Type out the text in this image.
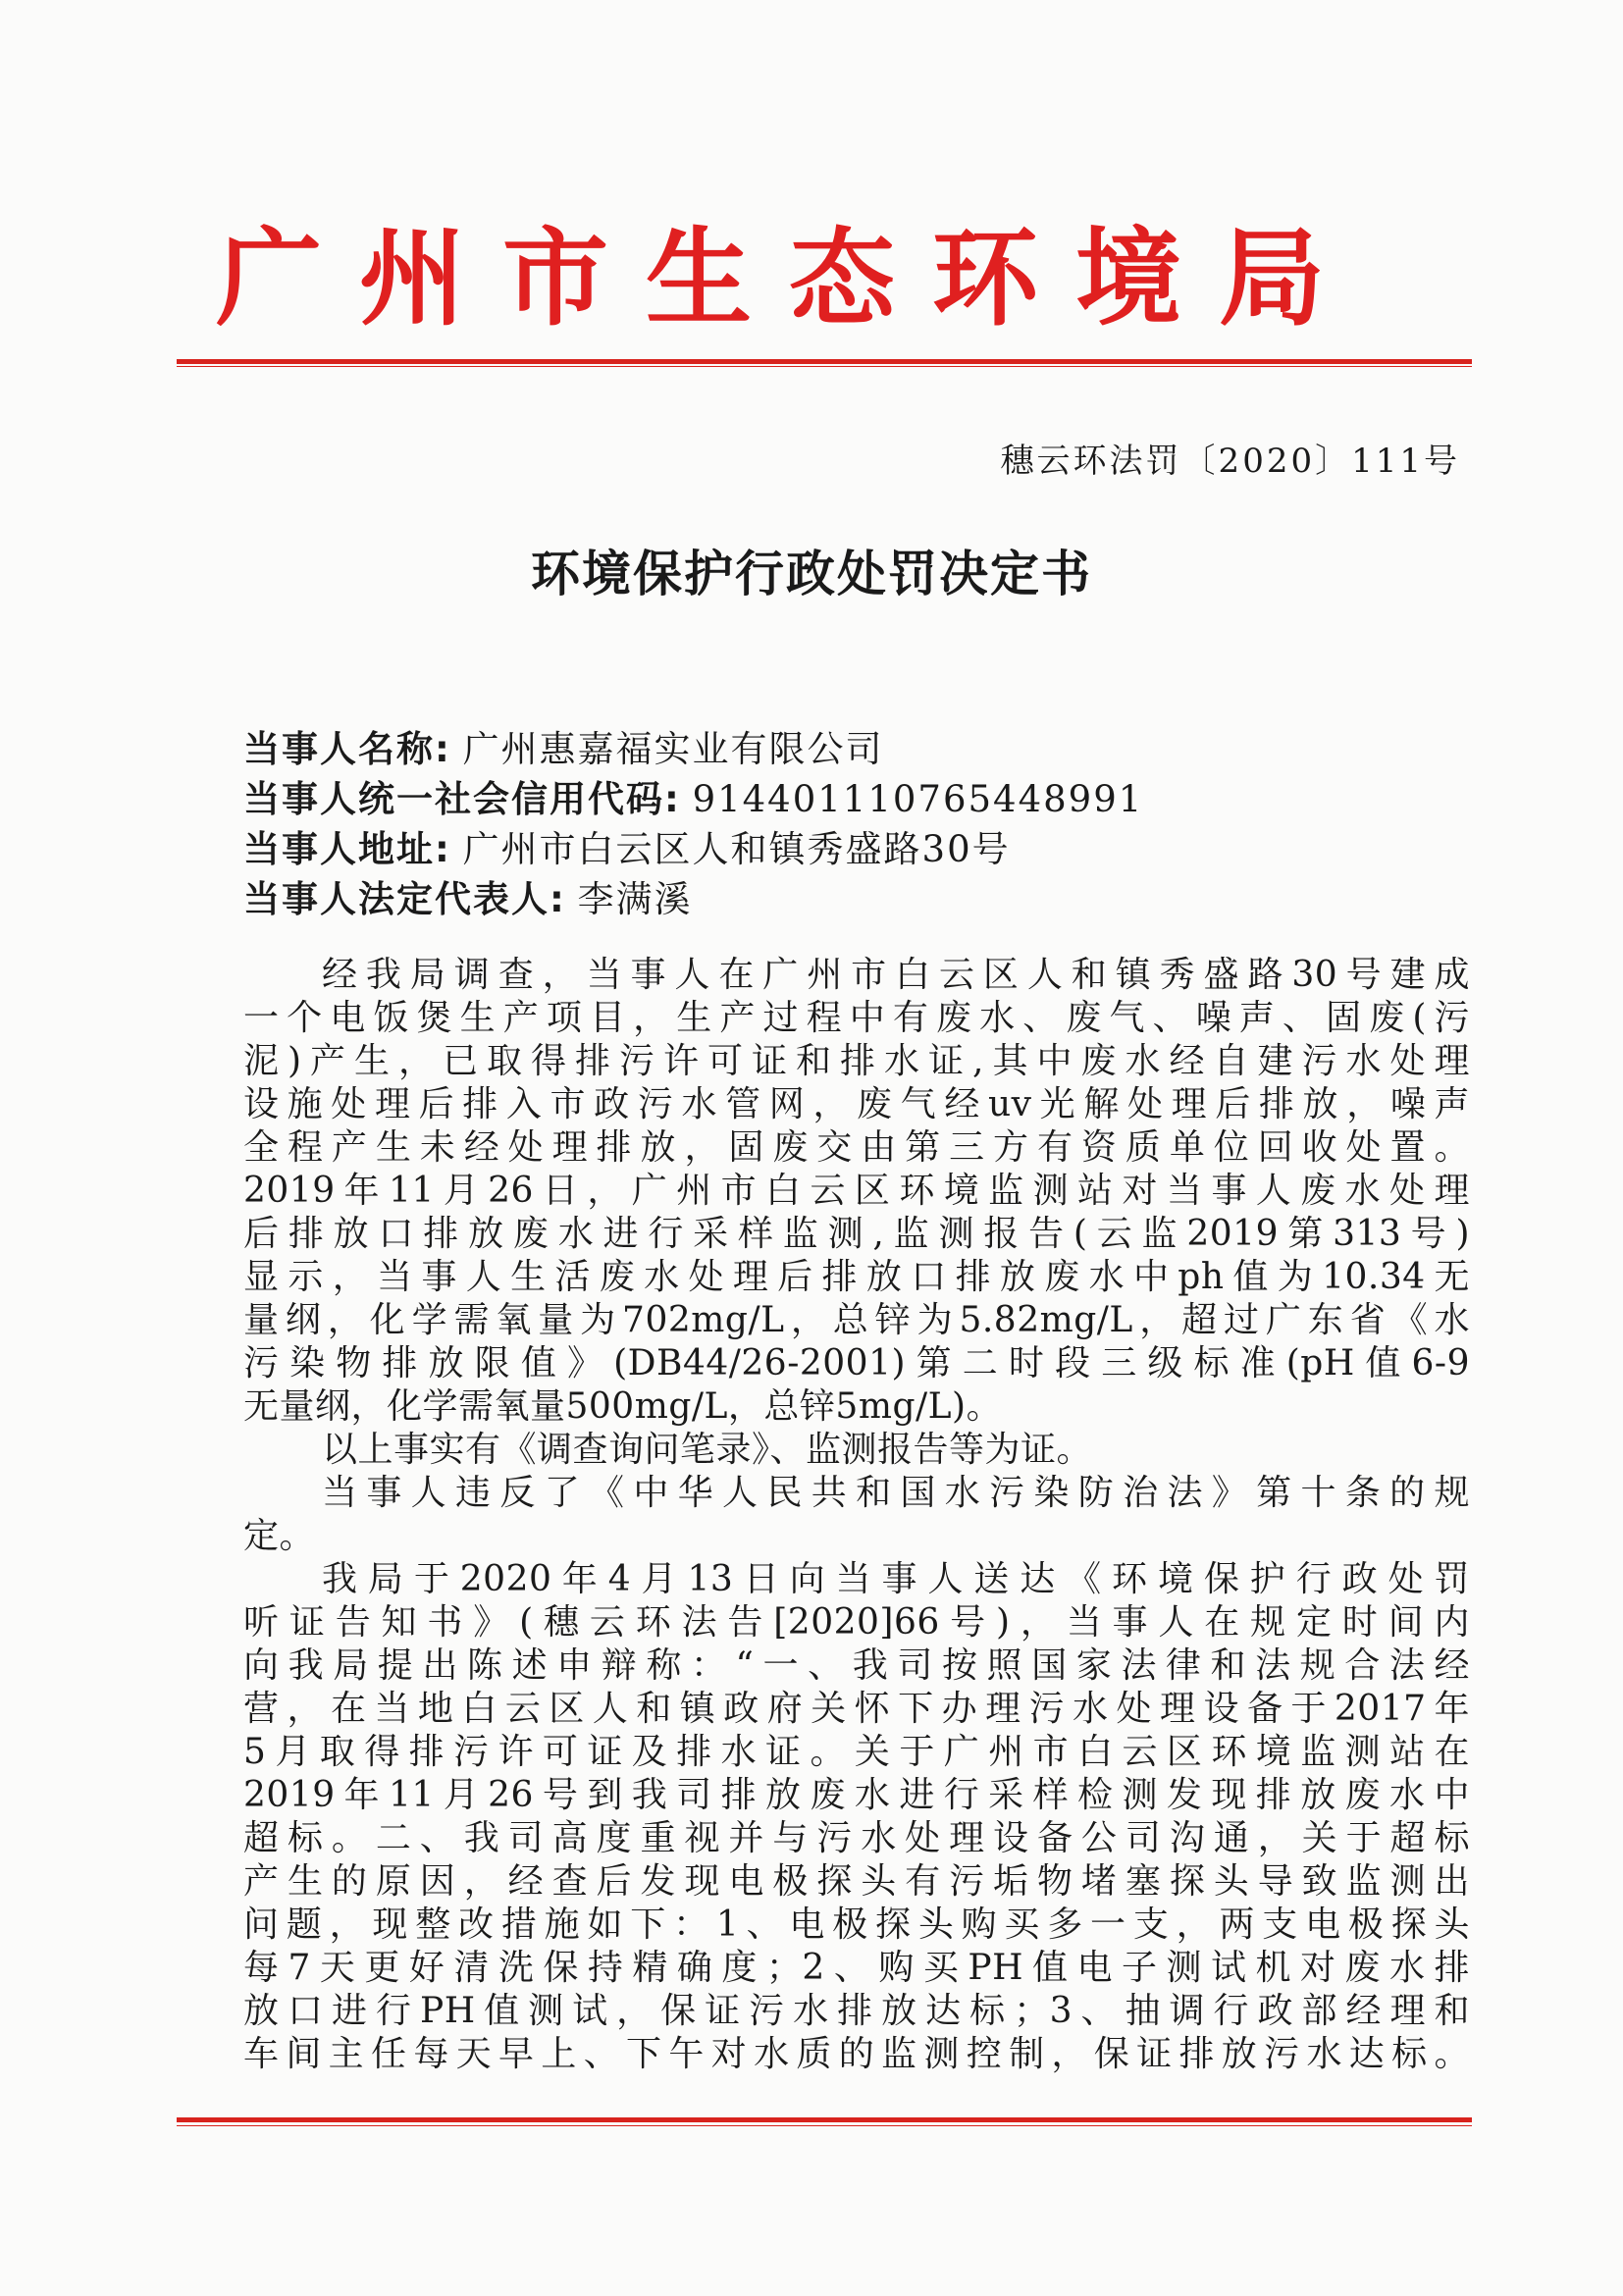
广州市生态环境局
穗云环法罚〔2020〕111号
环境保护行政处罚决定书
当事人名称: 广州惠嘉福实业有限公司
当事人统一社会信用代码: 914401110765448991
当事人地址: 广州市白云区人和镇秀盛路30号
当事人法定代表人: 李满溪
经我局调查，当事人在广州市白云区人和镇秀盛路30号建成
一个电饭煲生产项目，生产过程中有废水、废气、噪声、固废(污
泥)产生，已取得排污许可证和排水证,其中废水经自建污水处理
设施处理后排入市政污水管网，废气经uv光解处理后排放，噪声
全程产生未经处理排放，固废交由第三方有资质单位回收处置。
2019年11月26日，广州市白云区环境监测站对当事人废水处理
后排放口排放废水进行采样监测,监测报告(云监2019第313号)
显示，当事人生活废水处理后排放口排放废水中ph值为10.34无
量纲，化学需氧量为702mg/L，总锌为5.82mg/L，超过广东省《水
污染物排放限值》(DB44/26-2001)第二时段三级标准(pH值6-9
无量纲，化学需氧量500mg/L，总锌5mg/L)。
以上事实有《调查询问笔录》、监测报告等为证。
当事人违反了《中华人民共和国水污染防治法》第十条的规
定。
我局于2020年4月13日向当事人送达《环境保护行政处罚
听证告知书》(穗云环法告[2020]66号)，当事人在规定时间内
向我局提出陈述申辩称：“一、我司按照国家法律和法规合法经
营，在当地白云区人和镇政府关怀下办理污水处理设备于2017年
5月取得排污许可证及排水证。关于广州市白云区环境监测站在
2019年11月26号到我司排放废水进行采样检测发现排放废水中
超标。二、我司高度重视并与污水处理设备公司沟通，关于超标
产生的原因，经查后发现电极探头有污垢物堵塞探头导致监测出
问题，现整改措施如下：1、电极探头购买多一支，两支电极探头
每7天更好清洗保持精确度；2、购买PH值电子测试机对废水排
放口进行PH值测试，保证污水排放达标；3、抽调行政部经理和
车间主任每天早上、下午对水质的监测控制，保证排放污水达标。
